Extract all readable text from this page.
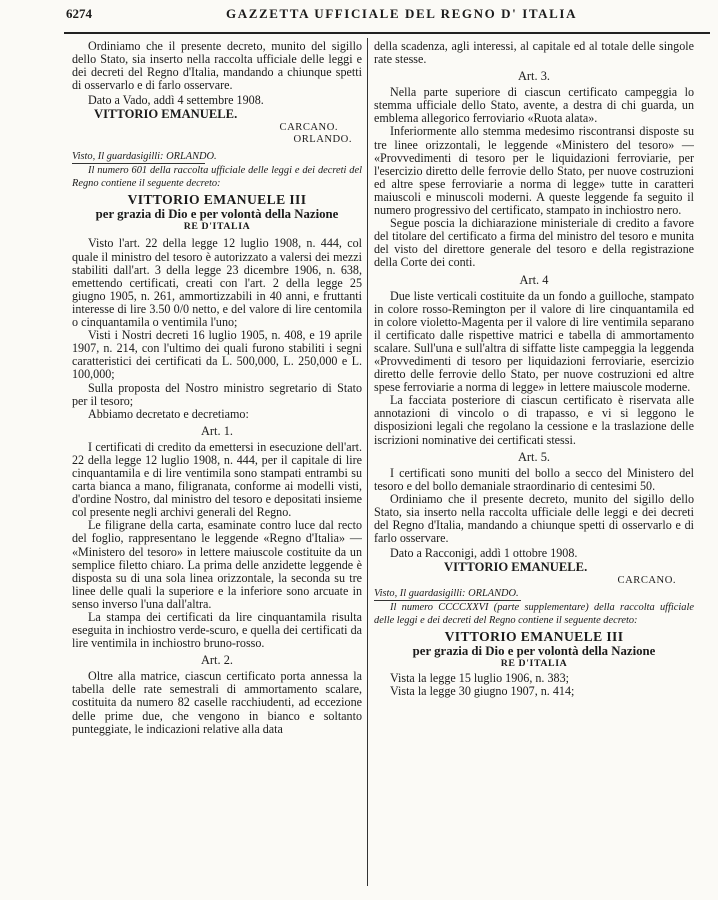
6274	GAZZETTA UFFICIALE DEL REGNO D' ITALIA

Ordiniamo che il presente decreto, munito del sigillo dello Stato, sia inserto nella raccolta ufficiale delle leggi e dei decreti del Regno d'Italia, mandando a chiunque spetti di osservarlo e di farlo osservare.

Dato a Vado, addì 4 settembre 1908.

VITTORIO EMANUELE.

CARCANO.

ORLANDO.

Visto, Il guardasigilli: ORLANDO.

Il numero 601 della raccolta ufficiale delle leggi e dei decreti del Regno contiene il seguente decreto:

VITTORIO EMANUELE III

per grazia di Dio e per volontà della Nazione

RE D'ITALIA

Visto l'art. 22 della legge 12 luglio 1908, n. 444, col quale il ministro del tesoro è autorizzato a valersi dei mezzi stabiliti dall'art. 3 della legge 23 dicembre 1906, n. 638, emettendo certificati, creati con l'art. 2 della legge 25 giugno 1905, n. 261, ammortizzabili in 40 anni, e fruttanti interesse di lire 3.50 0/0 netto, e del valore di lire centomila o cinquantamila o ventimila l'uno;

Visti i Nostri decreti 16 luglio 1905, n. 408, e 19 aprile 1907, n. 214, con l'ultimo dei quali furono stabiliti i segni caratteristici dei certificati da L. 500,000, L. 250,000 e L. 100,000;

Sulla proposta del Nostro ministro segretario di Stato per il tesoro;

Abbiamo decretato e decretiamo:

Art. 1.

I certificati di credito da emettersi in esecuzione dell'art. 22 della legge 12 luglio 1908, n. 444, per il capitale di lire cinquantamila e di lire ventimila sono stampati entrambi su carta bianca a mano, filigranata, conforme ai modelli visti, d'ordine Nostro, dal ministro del tesoro e depositati insieme col presente negli archivi generali del Regno.

Le filigrane della carta, esaminate contro luce dal recto del foglio, rappresentano le leggende «Regno d'Italia» — «Ministero del tesoro» in lettere maiuscole costituite da un semplice filetto chiaro. La prima delle anzidette leggende è disposta su di una sola linea orizzontale, la seconda su tre linee delle quali la superiore e la inferiore sono arcuate in senso inverso l'una dall'altra.

La stampa dei certificati da lire cinquantamila risulta eseguita in inchiostro verde-scuro, e quella dei certificati da lire ventimila in inchiostro bruno-rosso.

Art. 2.

Oltre alla matrice, ciascun certificato porta annessa la tabella delle rate semestrali di ammortamento scalare, costituita da numero 82 caselle racchiudenti, ad eccezione delle prime due, che vengono in bianco e soltanto punteggiate, le indicazioni relative alla data

della scadenza, agli interessi, al capitale ed al totale delle singole rate stesse.

Art. 3.

Nella parte superiore di ciascun certificato campeggia lo stemma ufficiale dello Stato, avente, a destra di chi guarda, un emblema allegorico ferroviario «Ruota alata».

Inferiormente allo stemma medesimo riscontransi disposte su tre linee orizzontali, le leggende «Ministero del tesoro» — «Provvedimenti di tesoro per le liquidazioni ferroviarie, per l'esercizio diretto delle ferrovie dello Stato, per nuove costruzioni ed altre spese ferroviarie a norma di legge» tutte in caratteri maiuscoli e minuscoli moderni. A queste leggende fa seguito il numero progressivo del certificato, stampato in inchiostro nero.

Segue poscia la dichiarazione ministeriale di credito a favore del titolare del certificato a firma del ministro del tesoro e munita del visto del direttore generale del tesoro e della registrazione della Corte dei conti.

Art. 4

Due liste verticali costituite da un fondo a guilloche, stampato in colore rosso-Remington per il valore di lire cinquantamila ed in colore violetto-Magenta per il valore di lire ventimila separano il certificato dalle rispettive matrici e tabella di ammortamento scalare. Sull'una e sull'altra di siffatte liste campeggia la leggenda «Provvedimenti di tesoro per liquidazioni ferroviarie, esercizio diretto delle ferrovie dello Stato, per nuove costruzioni ed altre spese ferroviarie a norma di legge» in lettere maiuscole moderne.

La facciata posteriore di ciascun certificato è riservata alle annotazioni di vincolo o di trapasso, e vi si leggono le disposizioni legali che regolano la cessione e la traslazione delle iscrizioni nominative dei certificati stessi.

Art. 5.

I certificati sono muniti del bollo a secco del Ministero del tesoro e del bollo demaniale straordinario di centesimi 50.

Ordiniamo che il presente decreto, munito del sigillo dello Stato, sia inserto nella raccolta ufficiale delle leggi e dei decreti del Regno d'Italia, mandando a chiunque spetti di osservarlo e di farlo osservare.

Dato a Racconigi, addì 1 ottobre 1908.

VITTORIO EMANUELE.

CARCANO.

Visto, Il guardasigilli: ORLANDO.

Il numero CCCCXXVI (parte supplementare) della raccolta ufficiale delle leggi e dei decreti del Regno contiene il seguente decreto:

VITTORIO EMANUELE III

per grazia di Dio e per volontà della Nazione

RE D'ITALIA

Vista la legge 15 luglio 1906, n. 383;

Vista la legge 30 giugno 1907, n. 414;
